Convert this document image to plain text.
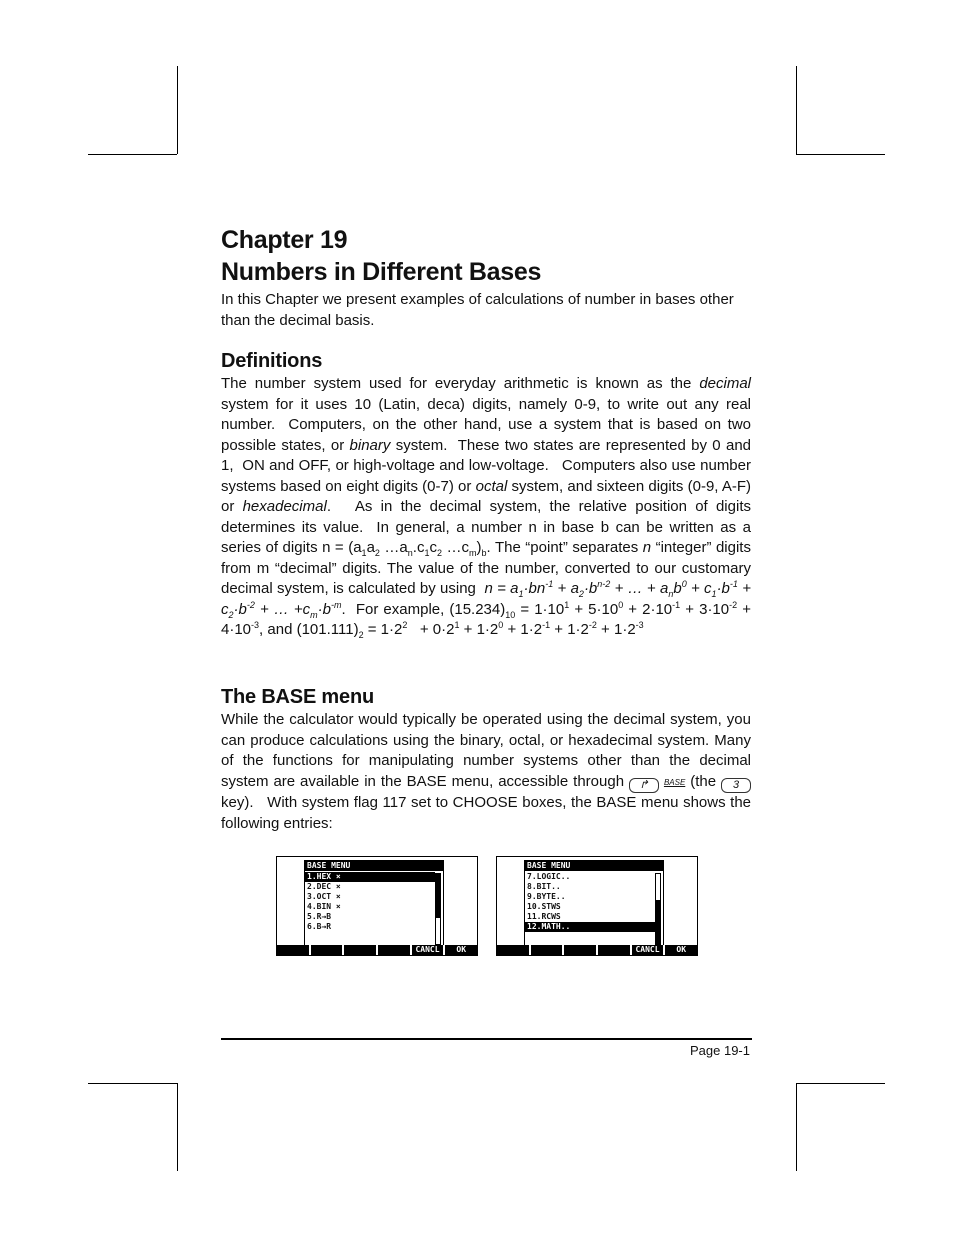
Chapter 19
Numbers in Different Bases

In this Chapter we present examples of calculations of number in bases other than the decimal basis.

Definitions

The number system used for everyday arithmetic is known as the decimal system for it uses 10 (Latin, deca) digits, namely 0-9, to write out any real number.  Computers, on the other hand, use a system that is based on two possible states, or binary system.  These two states are represented by 0 and 1,  ON and OFF, or high-voltage and low-voltage.   Computers also use number systems based on eight digits (0-7) or octal system, and sixteen digits (0-9, A-F) or hexadecimal.   As in the decimal system, the relative position of digits determines its value.  In general, a number n in base b can be written as a series of digits $n = (a_1a_2$ $\dots a_n.c_1c_2$ $\dots c_m)_b$. The “point” separates n “integer” digits from m “decimal” digits. The value of the number, converted to our customary decimal system, is calculated by using  $n = a_1\cdot bn^{-1} + a_2\cdot b^{n-2}$ + … + $a_nb^0 + c_1\cdot b^{-1} + c_2\cdot b^{-2}$ + … $+c_m\cdot b^{-m}$.  For example, $(15.234)_{10} = 1\cdot 10^1 + 5\cdot 10^0 + 2\cdot 10^{-1} + 3\cdot 10^{-2} + 4\cdot 10^{-3}$, and $(101.111)_2 = 1\cdot 2^2 + 0\cdot 2^1 + 1\cdot 2^0 + 1\cdot 2^{-1} + 1\cdot 2^{-2} + 1\cdot 2^{-3}$

The BASE menu

While the calculator would typically be operated using the decimal system, you can produce calculations using the binary, octal, or hexadecimal system. Many of the functions for manipulating number systems other than the decimal system are available in the BASE menu, accessible through ↱ BASE (the 3 key).   With system flag 117 set to CHOOSE boxes, the BASE menu shows the following entries:

BASE MENU
1.HEX ×
2.DEC ×
3.OCT ×
4.BIN ×
5.R→B
6.B→R
CANCL	OK
BASE MENU
7.LOGIC..
8.BIT..
9.BYTE..
10.STWS
11.RCWS
12.MATH..
CANCL	OK
Page 19-1
